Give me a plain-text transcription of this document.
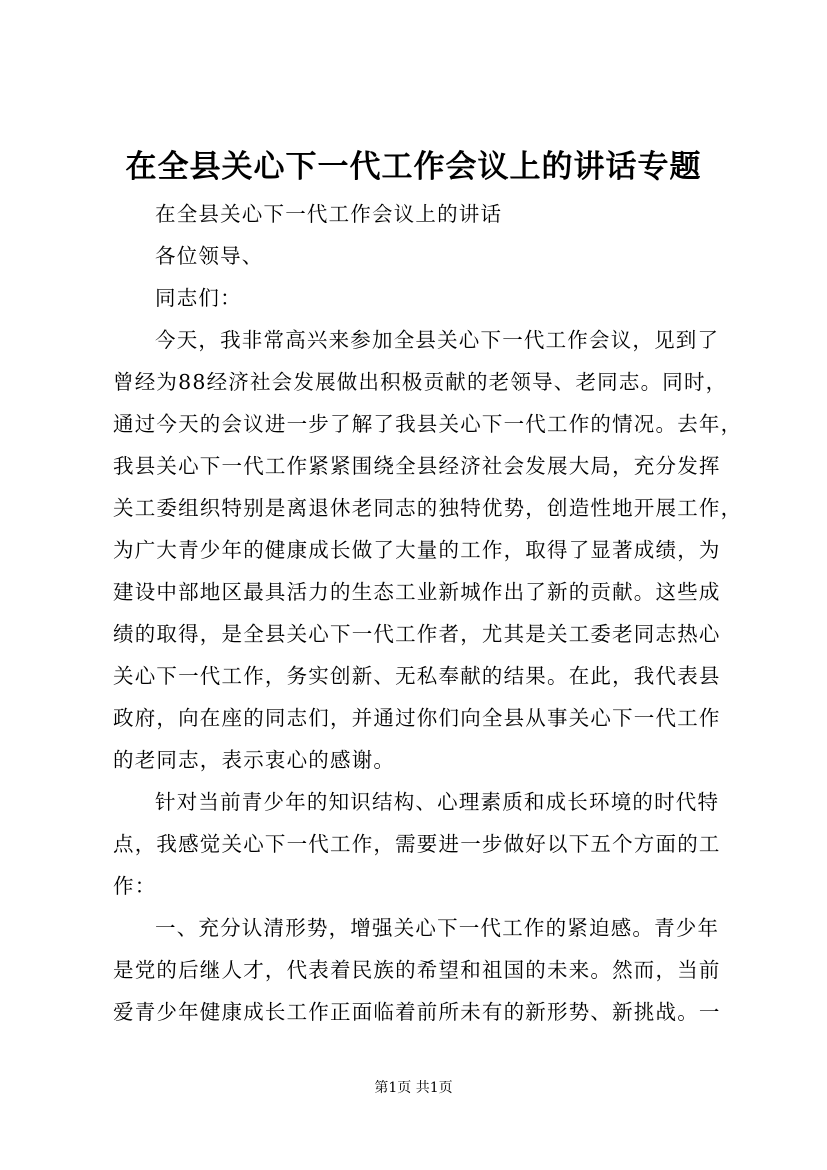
在全县关心下一代工作会议上的讲话专题
在全县关心下一代工作会议上的讲话
各位领导、
同志们：
今天，我非常高兴来参加全县关心下一代工作会议，见到了
曾经为88经济社会发展做出积极贡献的老领导、老同志。同时，
通过今天的会议进一步了解了我县关心下一代工作的情况。去年，
我县关心下一代工作紧紧围绕全县经济社会发展大局，充分发挥
关工委组织特别是离退休老同志的独特优势，创造性地开展工作，
为广大青少年的健康成长做了大量的工作，取得了显著成绩，为
建设中部地区最具活力的生态工业新城作出了新的贡献。这些成
绩的取得，是全县关心下一代工作者，尤其是关工委老同志热心
关心下一代工作，务实创新、无私奉献的结果。在此，我代表县
政府，向在座的同志们，并通过你们向全县从事关心下一代工作
的老同志，表示衷心的感谢。
针对当前青少年的知识结构、心理素质和成长环境的时代特
点，我感觉关心下一代工作，需要进一步做好以下五个方面的工
作：
一、充分认清形势，增强关心下一代工作的紧迫感。青少年
是党的后继人才，代表着民族的希望和祖国的未来。然而，当前
爱青少年健康成长工作正面临着前所未有的新形势、新挑战。一
第1页 共1页
